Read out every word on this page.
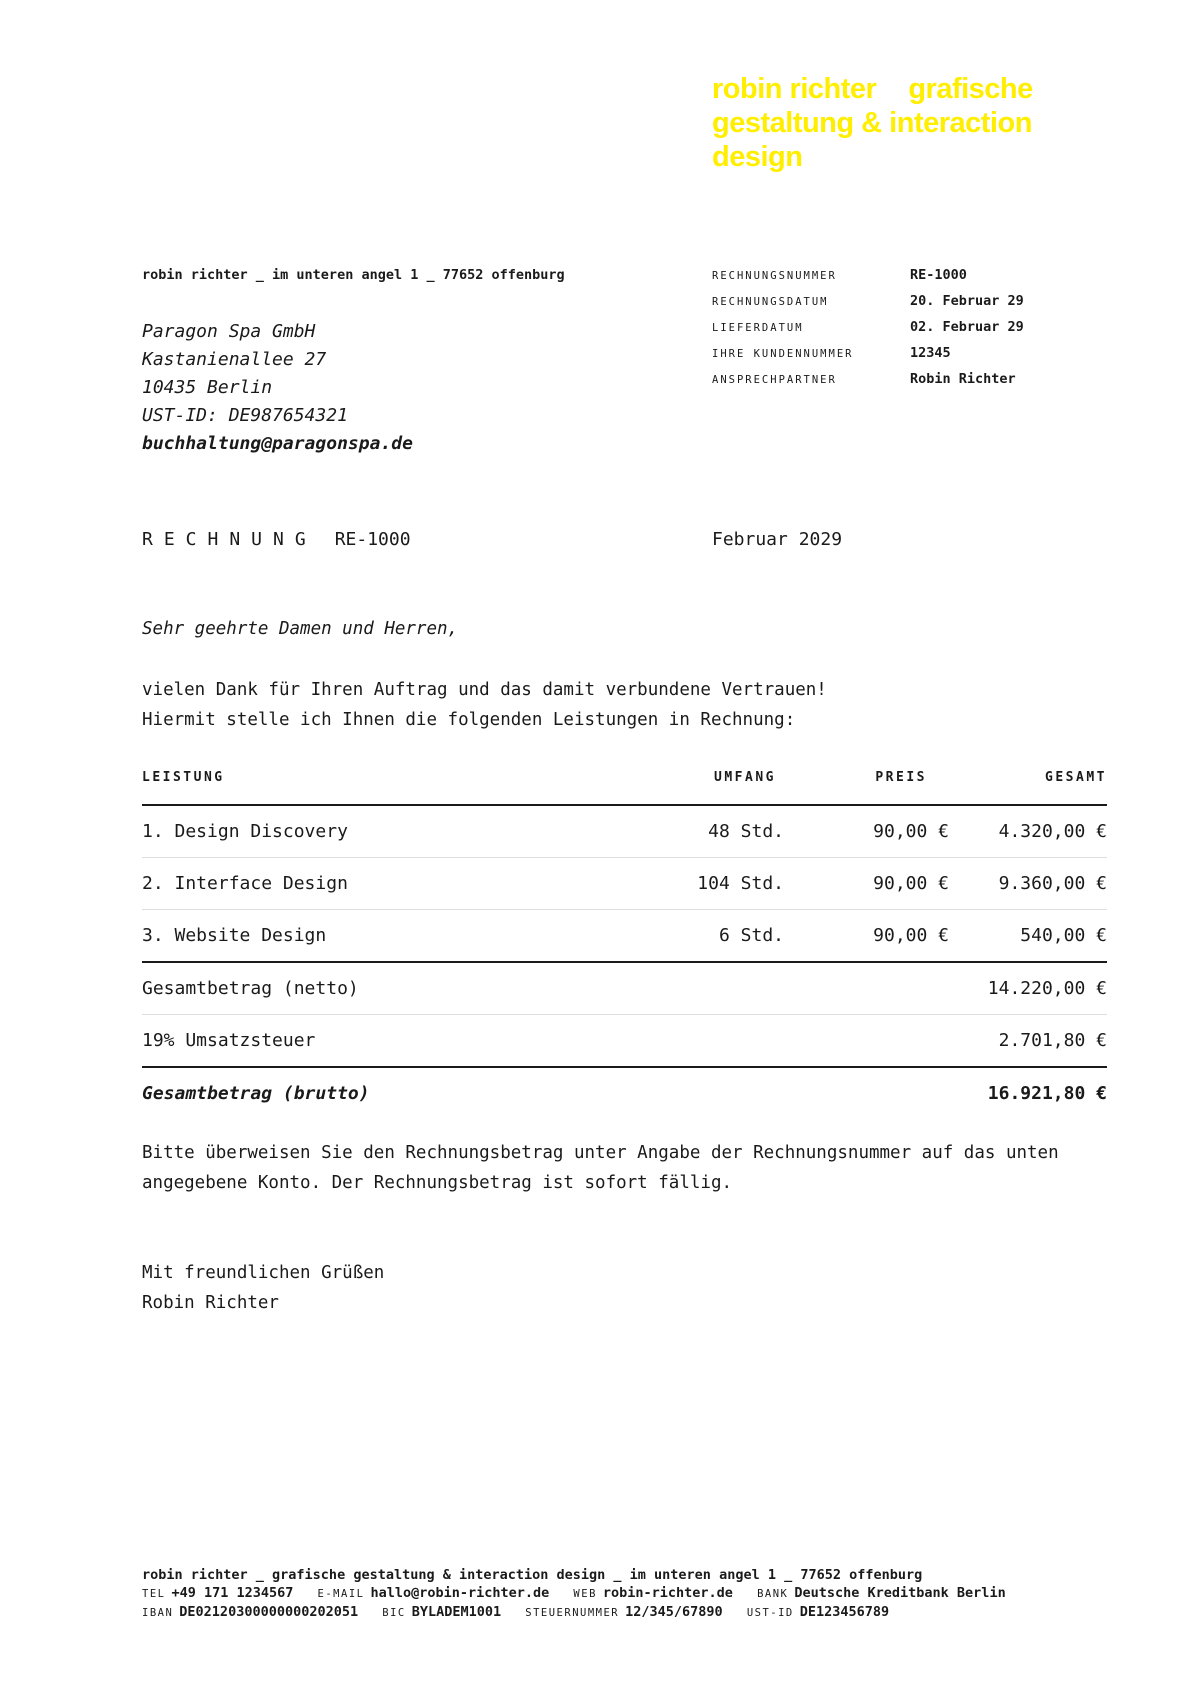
robin richter grafische gestaltung & interaction design
robin richter _ im unteren angel 1 _ 77652 offenburg
Paragon Spa GmbH
Kastanienallee 27
10435 Berlin
UST-ID: DE987654321
buchhaltung@paragonspa.de
RECHNUNGSNUMMER	RE-1000
RECHNUNGSDATUM	20. Februar 29
LIEFERDATUM	02. Februar 29
IHRE KUNDENNUMMER	12345
ANSPRECHPARTNER	Robin Richter
RECHNUNG RE-1000	Februar 2029
Sehr geehrte Damen und Herren,
vielen Dank für Ihren Auftrag und das damit verbundene Vertrauen!
Hiermit stelle ich Ihnen die folgenden Leistungen in Rechnung:
LEISTUNG	UMFANG	PREIS	GESAMT
1. Design Discovery	48 Std.	90,00 €	4.320,00 €
2. Interface Design	104 Std.	90,00 €	9.360,00 €
3. Website Design	6 Std.	90,00 €	540,00 €
Gesamtbetrag (netto)	14.220,00 €
19% Umsatzsteuer	2.701,80 €
Gesamtbetrag (brutto)	16.921,80 €
Bitte überweisen Sie den Rechnungsbetrag unter Angabe der Rechnungsnummer auf das unten
angegebene Konto. Der Rechnungsbetrag ist sofort fällig.
Mit freundlichen Grüßen
Robin Richter
robin richter _ grafische gestaltung & interaction design _ im unteren angel 1 _ 77652 offenburg
TEL +49 171 1234567 E-MAIL hallo@robin-richter.de WEB robin-richter.de BANK Deutsche Kreditbank Berlin
IBAN DE02120300000000202051 BIC BYLADEM1001 STEUERNUMMER 12/345/67890 UST-ID DE123456789
